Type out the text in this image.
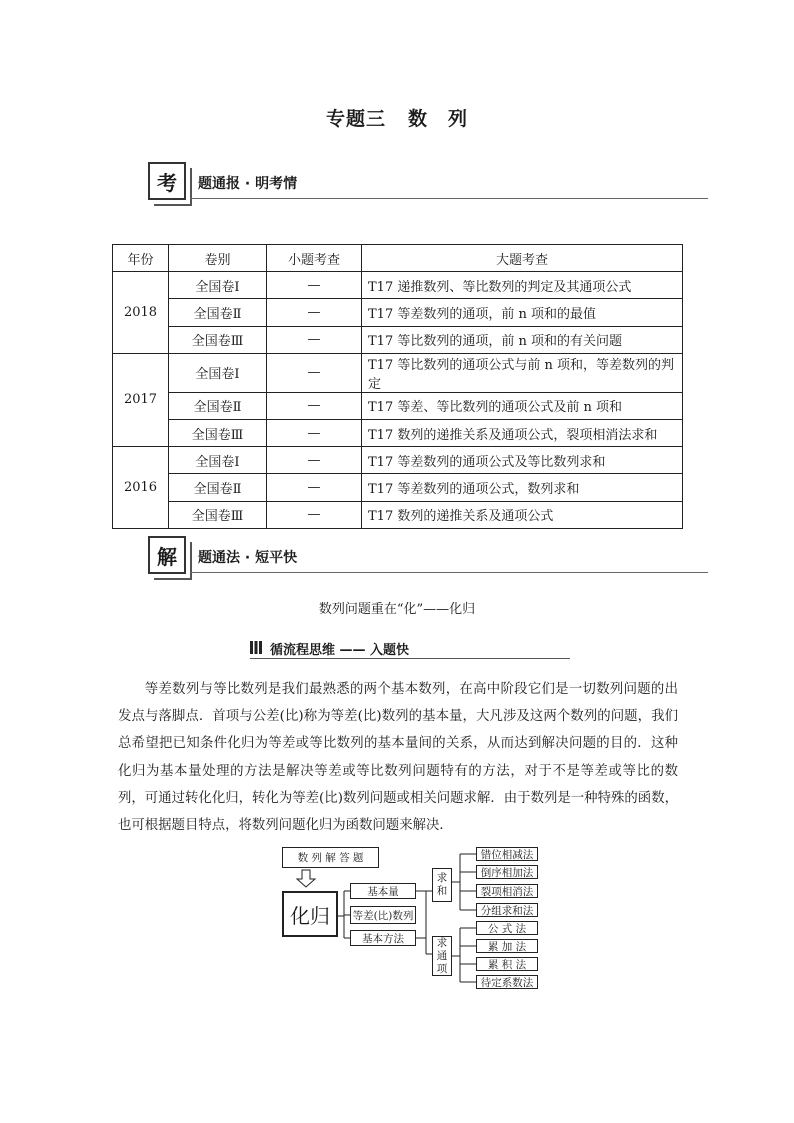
专题三 数　列
考	题通报 · 明考情
年份	卷别	小题考查	大题考查
2018	全国卷Ⅰ	—	T17 递推数列、等比数列的判定及其通项公式
	全国卷Ⅱ	—	T17 等差数列的通项，前 n 项和的最值
	全国卷Ⅲ	—	T17 等比数列的通项，前 n 项和的有关问题
2017	全国卷Ⅰ	—	T17 等比数列的通项公式与前 n 项和，等差数列的判定
	全国卷Ⅱ	—	T17 等差、等比数列的通项公式及前 n 项和
	全国卷Ⅲ	—	T17 数列的递推关系及通项公式，裂项相消法求和
2016	全国卷Ⅰ	—	T17 等差数列的通项公式及等比数列求和
	全国卷Ⅱ	—	T17 等差数列的通项公式，数列求和
	全国卷Ⅲ	—	T17 数列的递推关系及通项公式
解	题通法 · 短平快
数列问题重在“化”——化归
循流程思维 —— 入题快
等差数列与等比数列是我们最熟悉的两个基本数列，在高中阶段它们是一切数列问题的出发点与落脚点．首项与公差(比)称为等差(比)数列的基本量，大凡涉及这两个数列的问题，我们总希望把已知条件化归为等差或等比数列的基本量间的关系，从而达到解决问题的目的．这种化归为基本量处理的方法是解决等差或等比数列问题特有的方法，对于不是等差或等比的数列，可通过转化化归，转化为等差(比)数列问题或相关问题求解．由于数列是一种特殊的函数，也可根据题目特点，将数列问题化归为函数问题来解决．
数 列 解 答 题
化归
基本量
等差(比)数列
基本方法
求和
求通项
错位相减法
倒序相加法
裂项相消法
分组求和法
公 式 法
累 加 法
累 积 法
待定系数法
